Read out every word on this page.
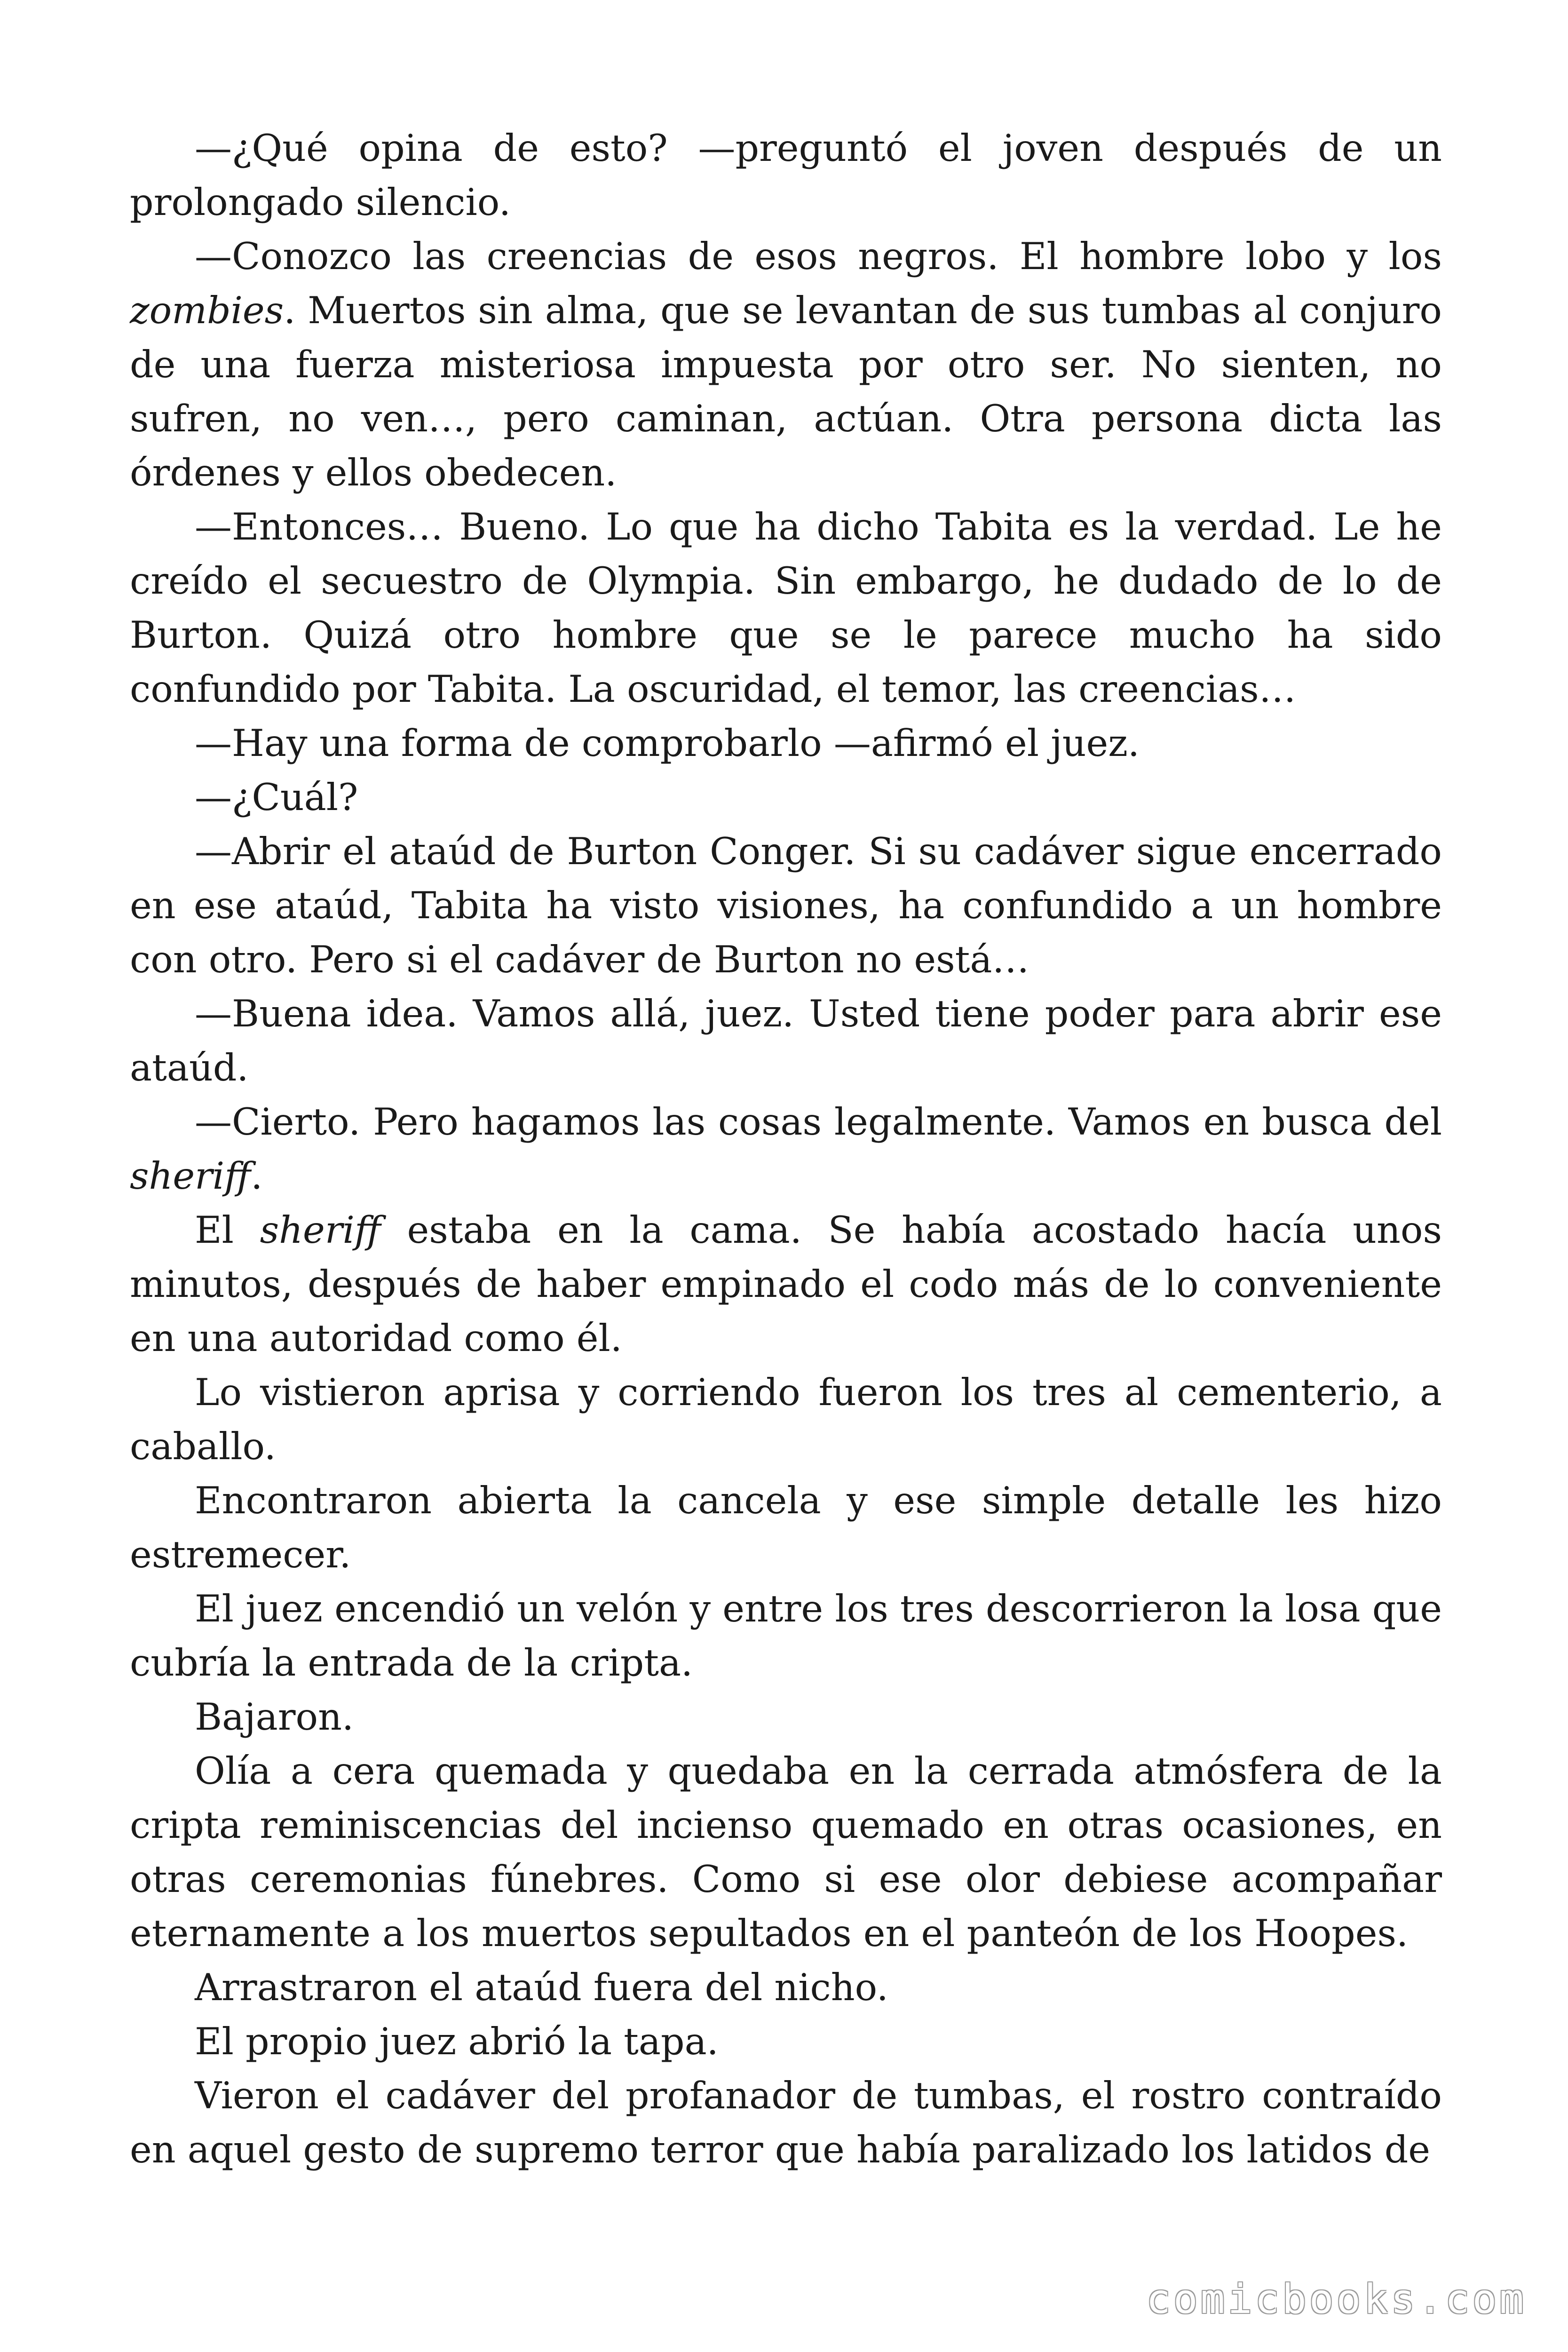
—¿Qué opina de esto? —preguntó el joven después de un prolongado silencio.

—Conozco las creencias de esos negros. El hombre lobo y los zombies. Muertos sin alma, que se levantan de sus tumbas al conjuro de una fuerza misteriosa impuesta por otro ser. No sienten, no sufren, no ven…, pero caminan, actúan. Otra persona dicta las órdenes y ellos obedecen.

—Entonces… Bueno. Lo que ha dicho Tabita es la verdad. Le he creído el secuestro de Olympia. Sin embargo, he dudado de lo de Burton. Quizá otro hombre que se le parece mucho ha sido confundido por Tabita. La oscuridad, el temor, las creencias…

—Hay una forma de comprobarlo —afirmó el juez.

—¿Cuál?

—Abrir el ataúd de Burton Conger. Si su cadáver sigue encerrado en ese ataúd, Tabita ha visto visiones, ha confundido a un hombre con otro. Pero si el cadáver de Burton no está…

—Buena idea. Vamos allá, juez. Usted tiene poder para abrir ese ataúd.

—Cierto. Pero hagamos las cosas legalmente. Vamos en busca del sheriff.

El sheriff estaba en la cama. Se había acostado hacía unos minutos, después de haber empinado el codo más de lo conveniente en una autoridad como él.

Lo vistieron aprisa y corriendo fueron los tres al cementerio, a caballo.

Encontraron abierta la cancela y ese simple detalle les hizo estremecer.

El juez encendió un velón y entre los tres descorrieron la losa que cubría la entrada de la cripta.

Bajaron.

Olía a cera quemada y quedaba en la cerrada atmósfera de la cripta reminiscencias del incienso quemado en otras ocasiones, en otras ceremonias fúnebres. Como si ese olor debiese acompañar eternamente a los muertos sepultados en el panteón de los Hoopes.

Arrastraron el ataúd fuera del nicho.

El propio juez abrió la tapa.

Vieron el cadáver del profanador de tumbas, el rostro contraído en aquel gesto de supremo terror que había paralizado los latidos de

comicbooks.com
